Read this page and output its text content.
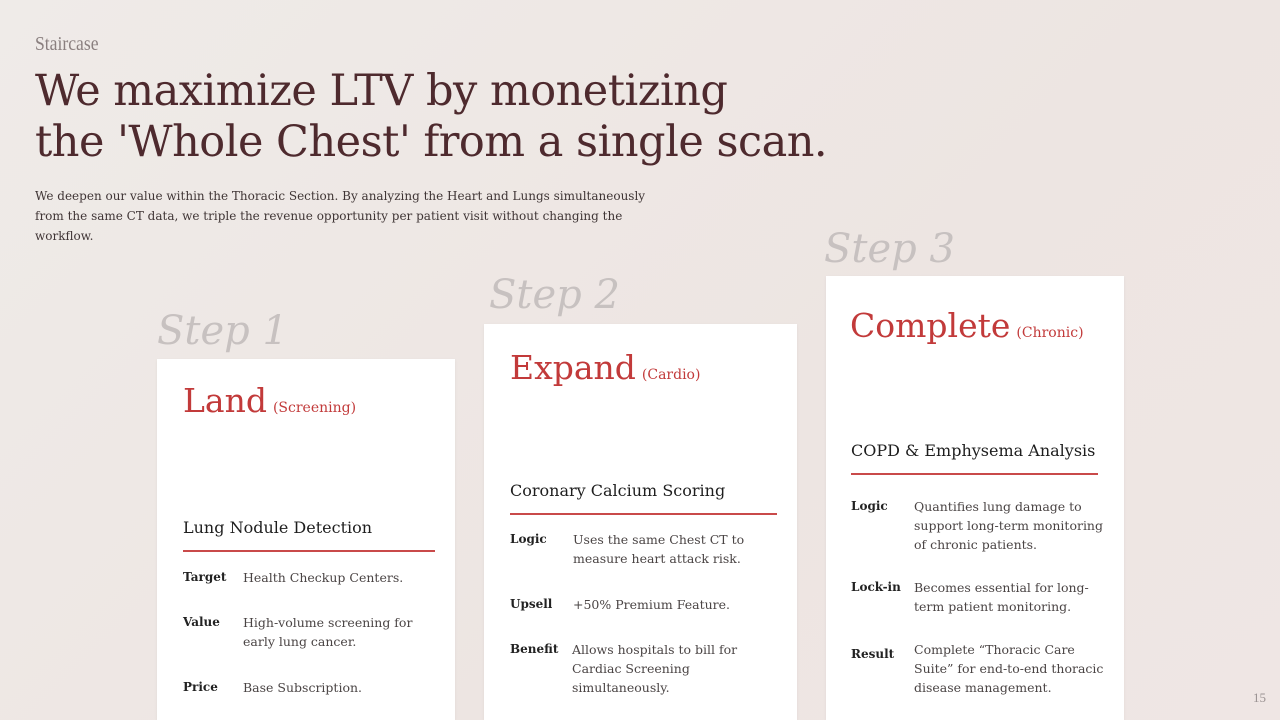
Staircase
We maximize LTV by monetizing
the 'Whole Chest' from a single scan.
We deepen our value within the Thoracic Section. By analyzing the Heart and Lungs simultaneously from the same CT data, we triple the revenue opportunity per patient visit without changing the workflow.
Step 1
Land (Screening)
Lung Nodule Detection
Target	Health Checkup Centers.
Value	High-volume screening for early lung cancer.
Price	Base Subscription.
Step 2
Expand (Cardio)
Coronary Calcium Scoring
Logic	Uses the same Chest CT to measure heart attack risk.
Upsell	+50% Premium Feature.
Benefit	Allows hospitals to bill for Cardiac Screening simultaneously.
Step 3
Complete (Chronic)
COPD & Emphysema Analysis
Logic	Quantifies lung damage to support long-term monitoring of chronic patients.
Lock-in	Becomes essential for long-term patient monitoring.
Result	Complete “Thoracic Care Suite” for end-to-end thoracic disease management.
15
